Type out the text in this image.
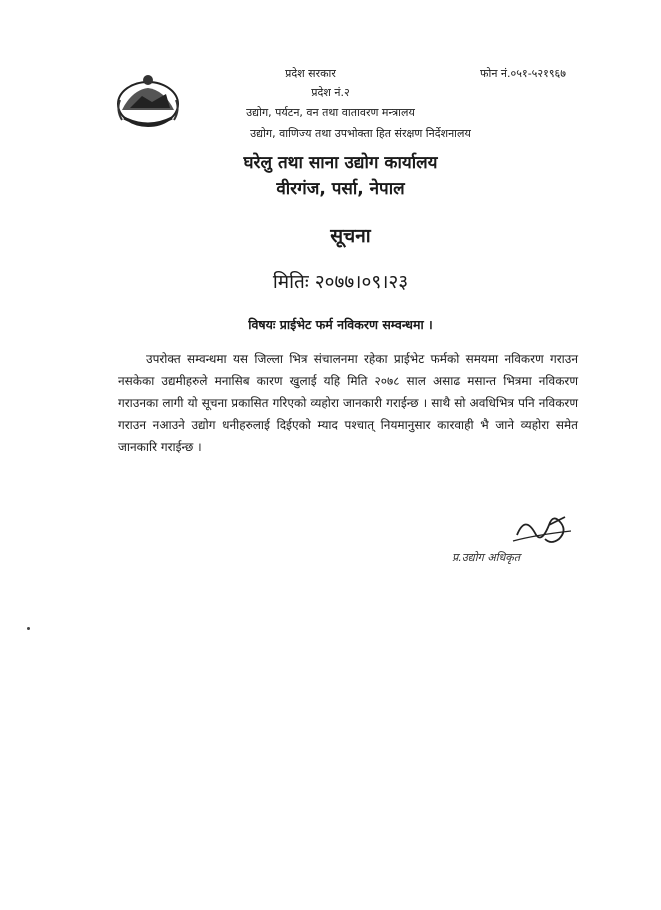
प्रदेश सरकार	फोन नं.०५१-५२१९६७
प्रदेश नं.२
उद्योग, पर्यटन, वन तथा वातावरण मन्त्रालय
उद्योग, वाणिज्य तथा उपभोक्ता हित संरक्षण निर्देशनालय
घरेलु तथा साना उद्योग कार्यालय
वीरगंज, पर्सा, नेपाल
सूचना
मितिः २०७७।०९।२३
विषयः प्राईभेट फर्म नविकरण सम्वन्धमा ।
उपरोक्त सम्वन्धमा यस जिल्ला भित्र संचालनमा रहेका प्राईभेट फर्मको समयमा नविकरण गराउन नसकेका उद्यमीहरुले मनासिब कारण खुलाई यहि मिति २०७८ साल असाढ मसान्त भित्रमा नविकरण गराउनका लागी यो सूचना प्रकासित गरिएको व्यहोरा जानकारी गराईन्छ । साथै सो अवधिभित्र पनि नविकरण गराउन नआउने उद्योग धनीहरुलाई दिईएको म्याद पश्चात् नियमानुसार कारवाही भै जाने व्यहोरा समेत जानकारि गराईन्छ ।
प्र.उद्योग अधिकृत
